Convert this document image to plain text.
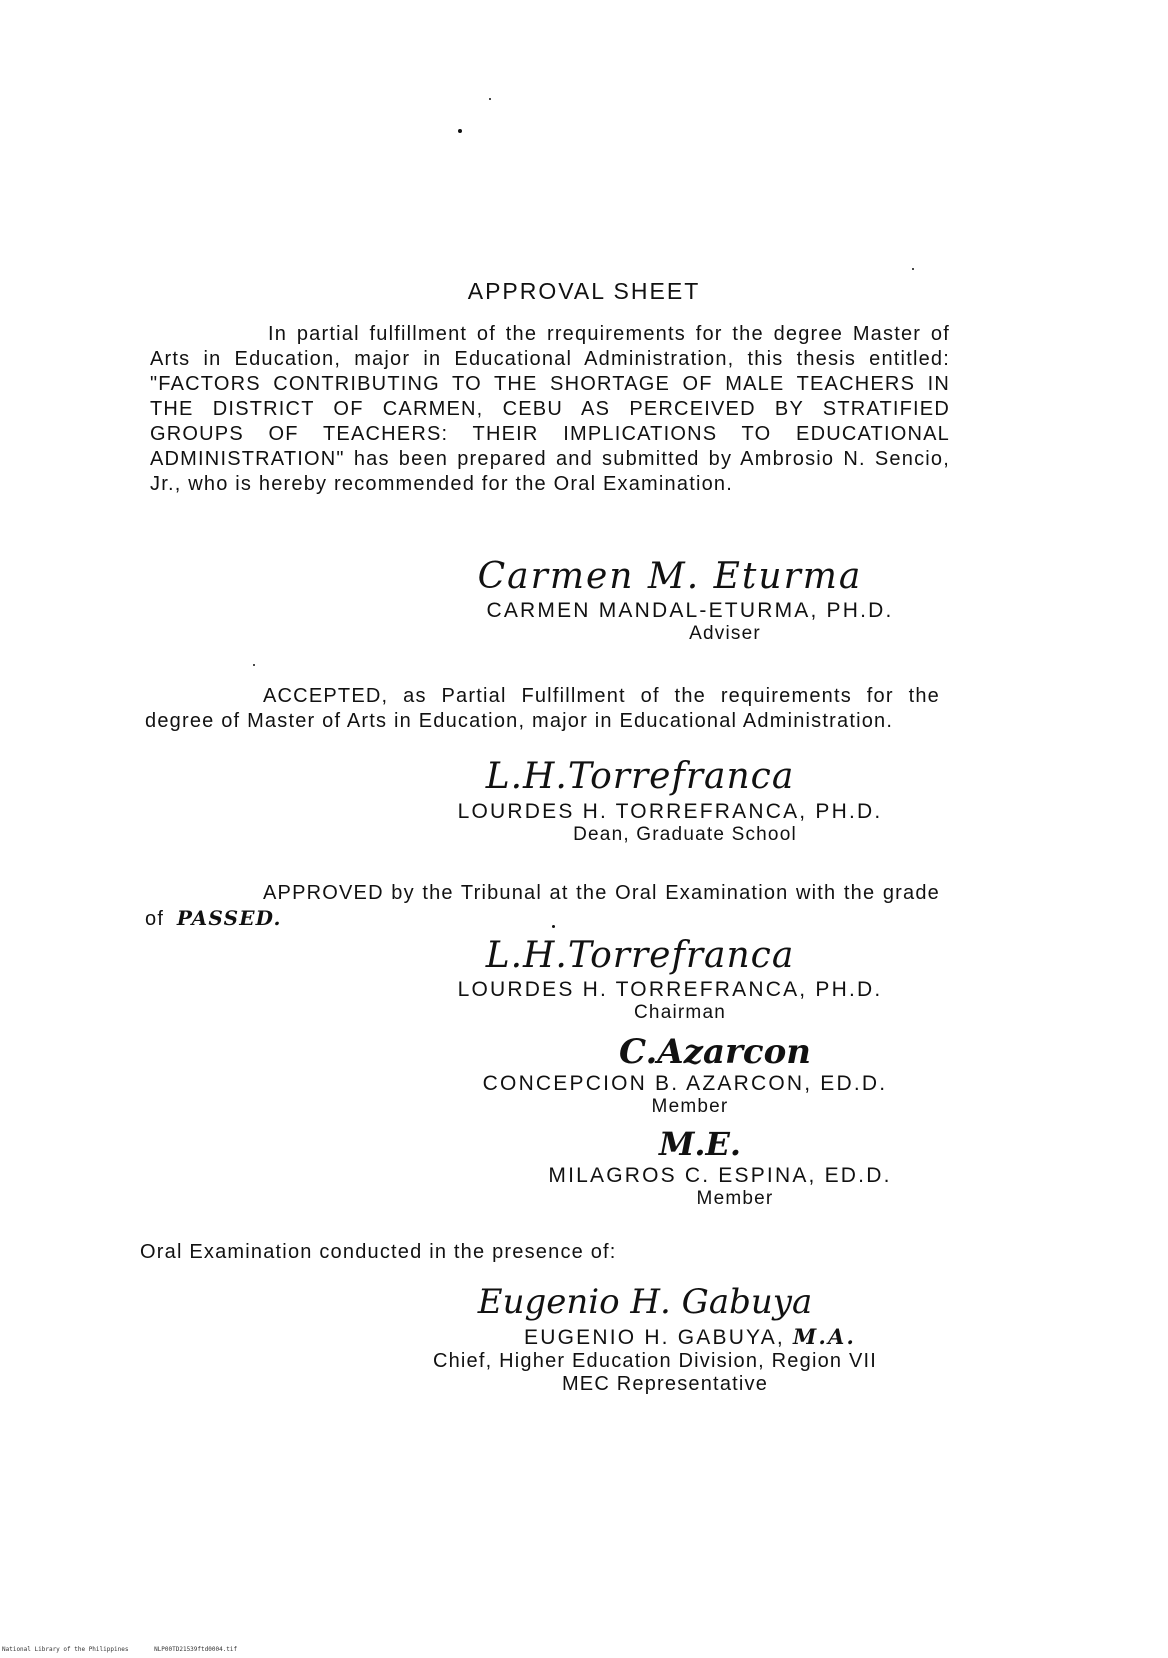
APPROVAL SHEET
In partial fulfillment of the rrequirements for the degree Master of Arts in Education, major in Educational Administration, this thesis entitled: "FACTORS CONTRIBUTING TO THE SHORTAGE OF MALE TEACHERS IN THE DISTRICT OF CARMEN, CEBU AS PERCEIVED BY STRATIFIED GROUPS OF TEACHERS: THEIR IMPLICATIONS TO EDUCATIONAL ADMINISTRATION" has been prepared and submitted by Ambrosio N. Sencio, Jr., who is hereby recommended for the Oral Examination.
Carmen M. Eturma
CARMEN MANDAL-ETURMA, PH.D.
Adviser
ACCEPTED, as Partial Fulfillment of the requirements for the degree of Master of Arts in Education, major in Educational Administration.
L.H.Torrefranca
LOURDES H. TORREFRANCA, PH.D.
Dean, Graduate School
APPROVED by the Tribunal at the Oral Examination with the grade of PASSED.
L.H.Torrefranca
LOURDES H. TORREFRANCA, PH.D.
Chairman
C.Azarcon
CONCEPCION B. AZARCON, ED.D.
Member
M.E.
MILAGROS C. ESPINA, ED.D.
Member
Oral Examination conducted in the presence of:
Eugenio H. Gabuya
EUGENIO H. GABUYA, M.A.
Chief, Higher Education Division, Region VII
MEC Representative
National Library of the Philippines	NLP00TD21539ftd0004.tif
